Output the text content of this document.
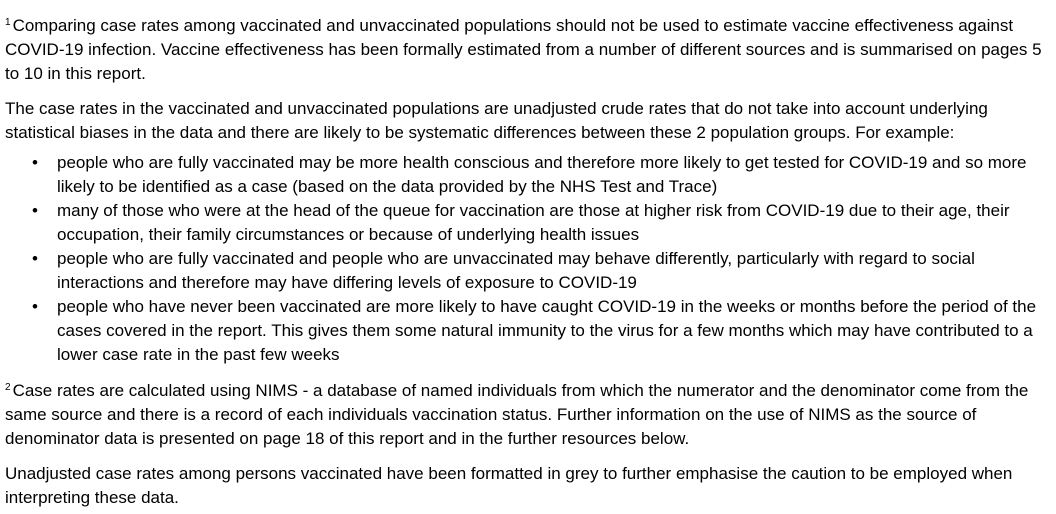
$^1$ Comparing case rates among vaccinated and unvaccinated populations should not be used to estimate vaccine effectiveness against COVID-19 infection. Vaccine effectiveness has been formally estimated from a number of different sources and is summarised on pages 5 to 10 in this report.

The case rates in the vaccinated and unvaccinated populations are unadjusted crude rates that do not take into account underlying statistical biases in the data and there are likely to be systematic differences between these 2 population groups. For example:

• people who are fully vaccinated may be more health conscious and therefore more likely to get tested for COVID-19 and so more likely to be identified as a case (based on the data provided by the NHS Test and Trace)
• many of those who were at the head of the queue for vaccination are those at higher risk from COVID-19 due to their age, their occupation, their family circumstances or because of underlying health issues
• people who are fully vaccinated and people who are unvaccinated may behave differently, particularly with regard to social interactions and therefore may have differing levels of exposure to COVID-19
• people who have never been vaccinated are more likely to have caught COVID-19 in the weeks or months before the period of the cases covered in the report. This gives them some natural immunity to the virus for a few months which may have contributed to a lower case rate in the past few weeks

$^2$ Case rates are calculated using NIMS - a database of named individuals from which the numerator and the denominator come from the same source and there is a record of each individuals vaccination status. Further information on the use of NIMS as the source of denominator data is presented on page 18 of this report and in the further resources below.

Unadjusted case rates among persons vaccinated have been formatted in grey to further emphasise the caution to be employed when interpreting these data.
